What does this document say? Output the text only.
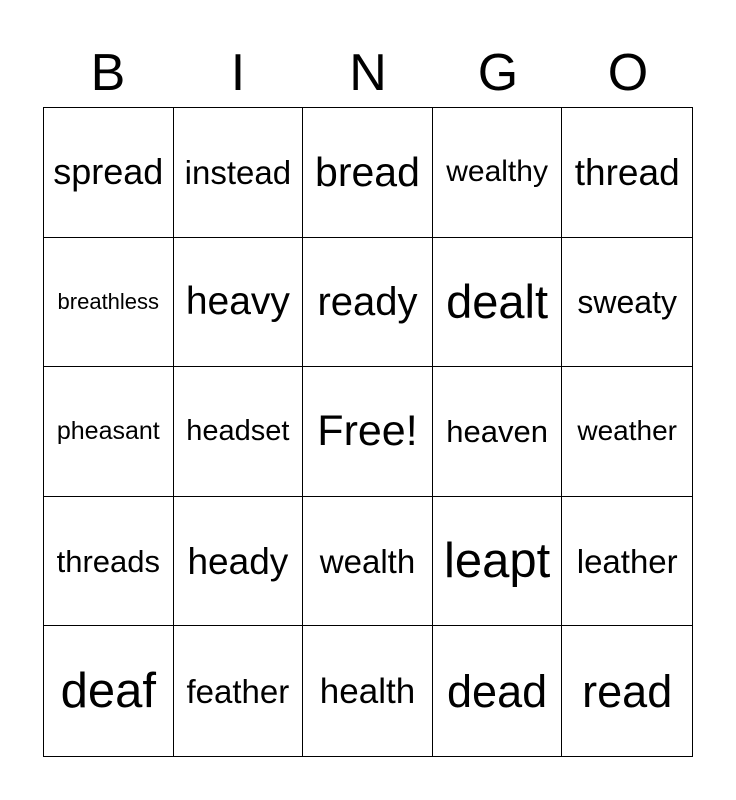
B	I	N	G	O
spread instead bread wealthy thread
breathless heavy ready dealt sweaty
pheasant headset Free! heaven	weather
threads heady wealth leapt leather
deaf feather health dead read
